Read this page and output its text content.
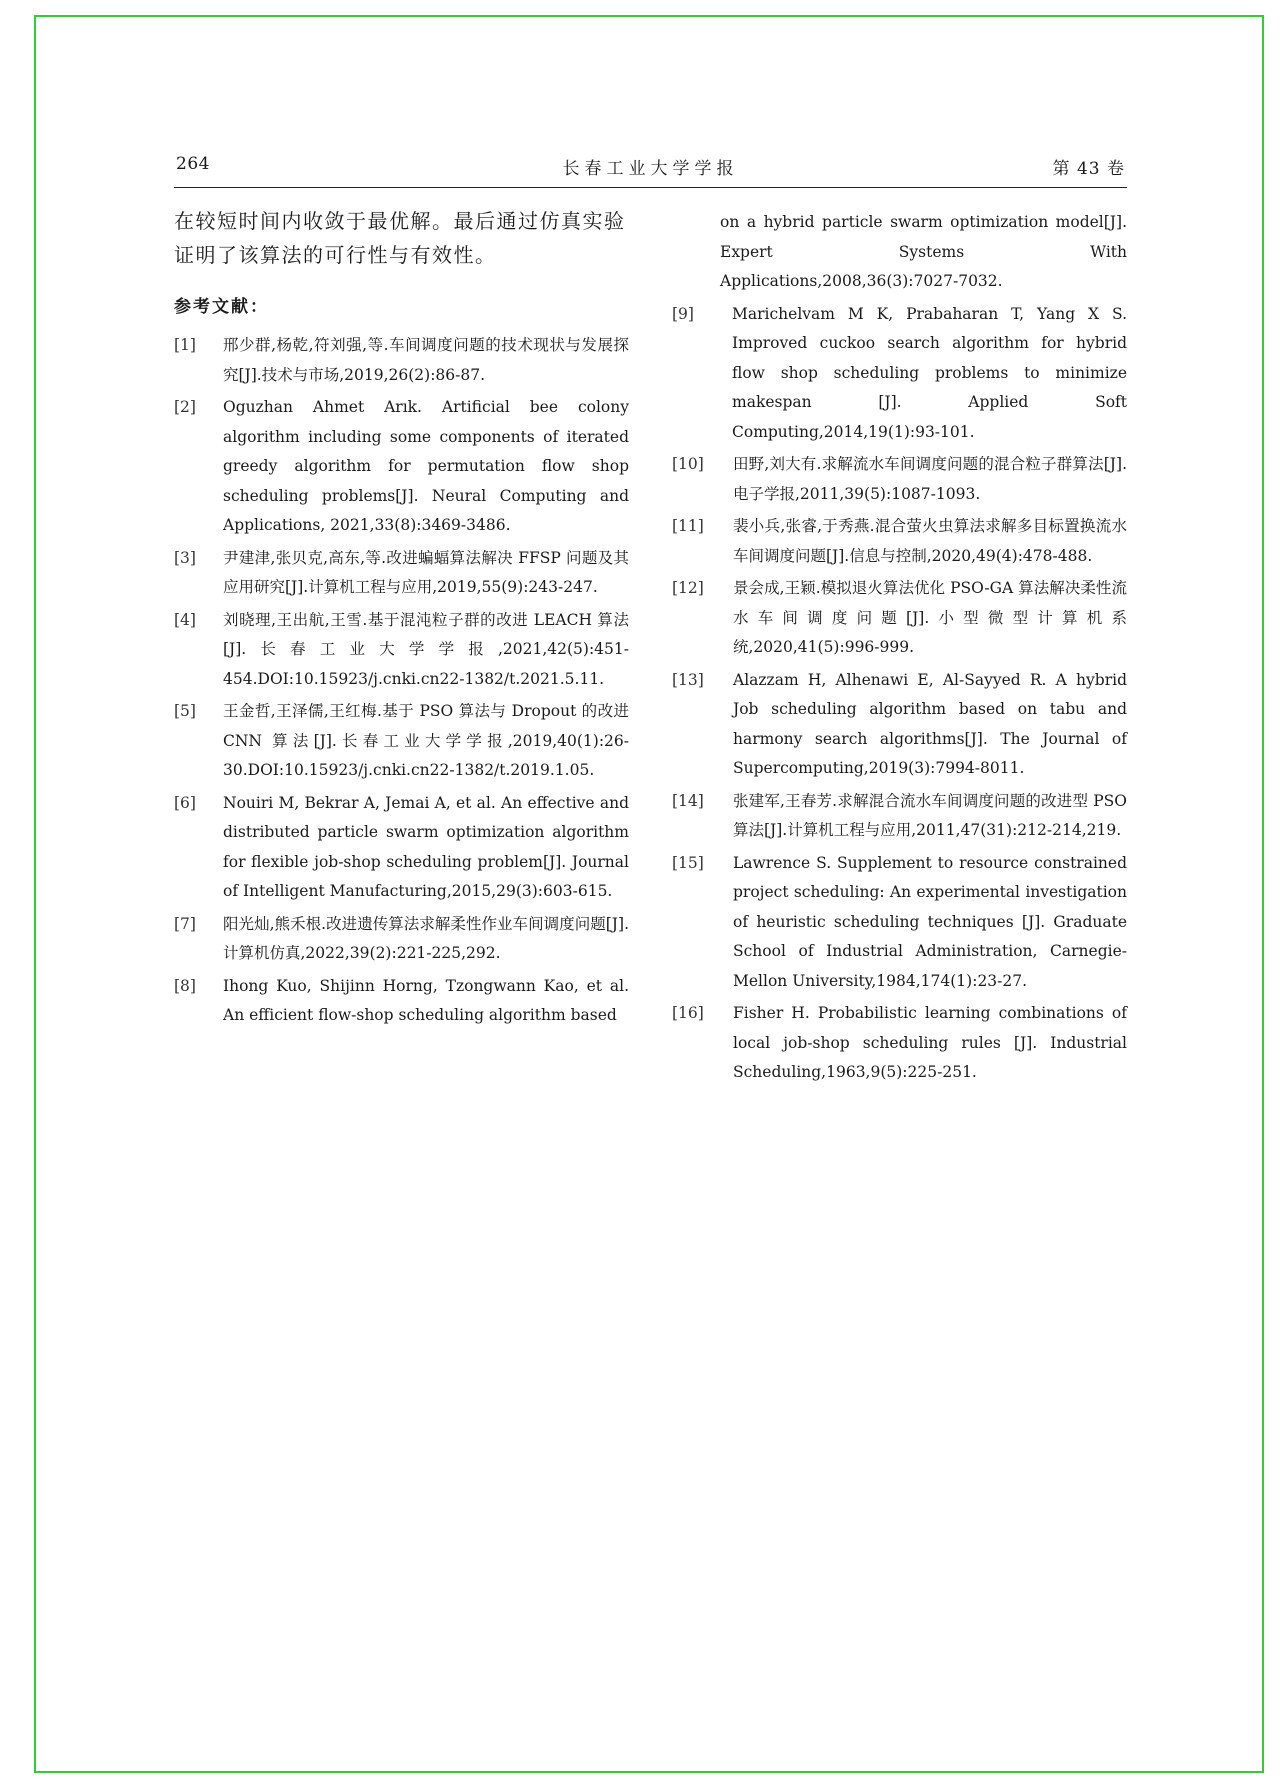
264	长春工业大学学报	第 43 卷

在较短时间内收敛于最优解。最后通过仿真实验证明了该算法的可行性与有效性。

参考文献：
[1] 邢少群,杨乾,符刘强,等.车间调度问题的技术现状与发展探究[J].技术与市场,2019,26(2):86-87.
[2] Oguzhan Ahmet Arık. Artificial bee colony algorithm including some components of iterated greedy algorithm for permutation flow shop scheduling problems[J]. Neural Computing and Applications, 2021,33(8):3469-3486.
[3] 尹建津,张贝克,高东,等.改进蝙蝠算法解决 FFSP 问题及其应用研究[J].计算机工程与应用,2019,55(9):243-247.
[4] 刘晓理,王出航,王雪.基于混沌粒子群的改进 LEACH 算法[J].长春工业大学学报,2021,42(5):451-454.DOI:10.15923/j.cnki.cn22-1382/t.2021.5.11.
[5] 王金哲,王泽儒,王红梅.基于 PSO 算法与 Dropout 的改进 CNN 算法[J].长春工业大学学报,2019,40(1):26-30.DOI:10.15923/j.cnki.cn22-1382/t.2019.1.05.
[6] Nouiri M, Bekrar A, Jemai A, et al. An effective and distributed particle swarm optimization algorithm for flexible job-shop scheduling problem[J]. Journal of Intelligent Manufacturing,2015,29(3):603-615.
[7] 阳光灿,熊禾根.改进遗传算法求解柔性作业车间调度问题[J].计算机仿真,2022,39(2):221-225,292.
[8] Ihong Kuo, Shijinn Horng, Tzongwann Kao, et al. An efficient flow-shop scheduling algorithm based
on a hybrid particle swarm optimization model[J]. Expert Systems With Applications,2008,36(3):7027-7032.
[9] Marichelvam M K, Prabaharan T, Yang X S. Improved cuckoo search algorithm for hybrid flow shop scheduling problems to minimize makespan [J]. Applied Soft Computing,2014,19(1):93-101.
[10] 田野,刘大有.求解流水车间调度问题的混合粒子群算法[J].电子学报,2011,39(5):1087-1093.
[11] 裴小兵,张睿,于秀燕.混合萤火虫算法求解多目标置换流水车间调度问题[J].信息与控制,2020,49(4):478-488.
[12] 景会成,王颖.模拟退火算法优化 PSO-GA 算法解决柔性流水车间调度问题[J].小型微型计算机系统,2020,41(5):996-999.
[13] Alazzam H, Alhenawi E, Al-Sayyed R. A hybrid Job scheduling algorithm based on tabu and harmony search algorithms[J]. The Journal of Supercomputing,2019(3):7994-8011.
[14] 张建军,王春芳.求解混合流水车间调度问题的改进型 PSO 算法[J].计算机工程与应用,2011,47(31):212-214,219.
[15] Lawrence S. Supplement to resource constrained project scheduling: An experimental investigation of heuristic scheduling techniques [J]. Graduate School of Industrial Administration, Carnegie-Mellon University,1984,174(1):23-27.
[16] Fisher H. Probabilistic learning combinations of local job-shop scheduling rules [J]. Industrial Scheduling,1963,9(5):225-251.
